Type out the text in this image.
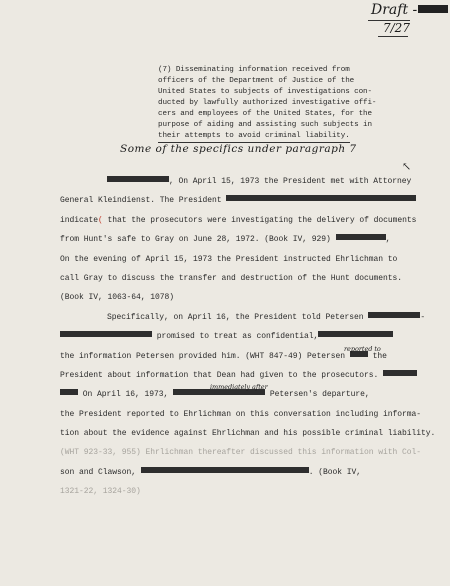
Draft -
7/27
(7) Disseminating information received from
officers of the Department of Justice of the
United States to subjects of investigations con-
ducted by lawfully authorized investigative offi-
cers and employees of the United States, for the
purpose of aiding and assisting such subjects in
their attempts to avoid criminal liability.
Some of the specifics under paragraph 7
↖
, On April 15, 1973 the President met with Attorney
General Kleindienst. The President
indicate( that the prosecutors were investigating the delivery of documents
from Hunt's safe to Gray on June 28, 1972. (Book IV, 929)	,
On the evening of April 15, 1973 the President instructed Ehrlichman to
call Gray to discuss the transfer and destruction of the Hunt documents.
(Book IV, 1063-64, 1078)
Specifically, on April 16, the President told Petersen	-
promised to treat as confidential,
reported to
the information Petersen provided him. (WHT 847-49) Petersen	the
President about information that Dean had given to the prosecutors.
immediately after
On April 16, 1973,	Petersen's departure,
the President reported to Ehrlichman on this conversation including informa-
tion about the evidence against Ehrlichman and his possible criminal liability.
(WHT 923-33, 955) Ehrlichman thereafter discussed this information with Col-
son and Clawson,	. (Book IV,
1321-22, 1324-30)
